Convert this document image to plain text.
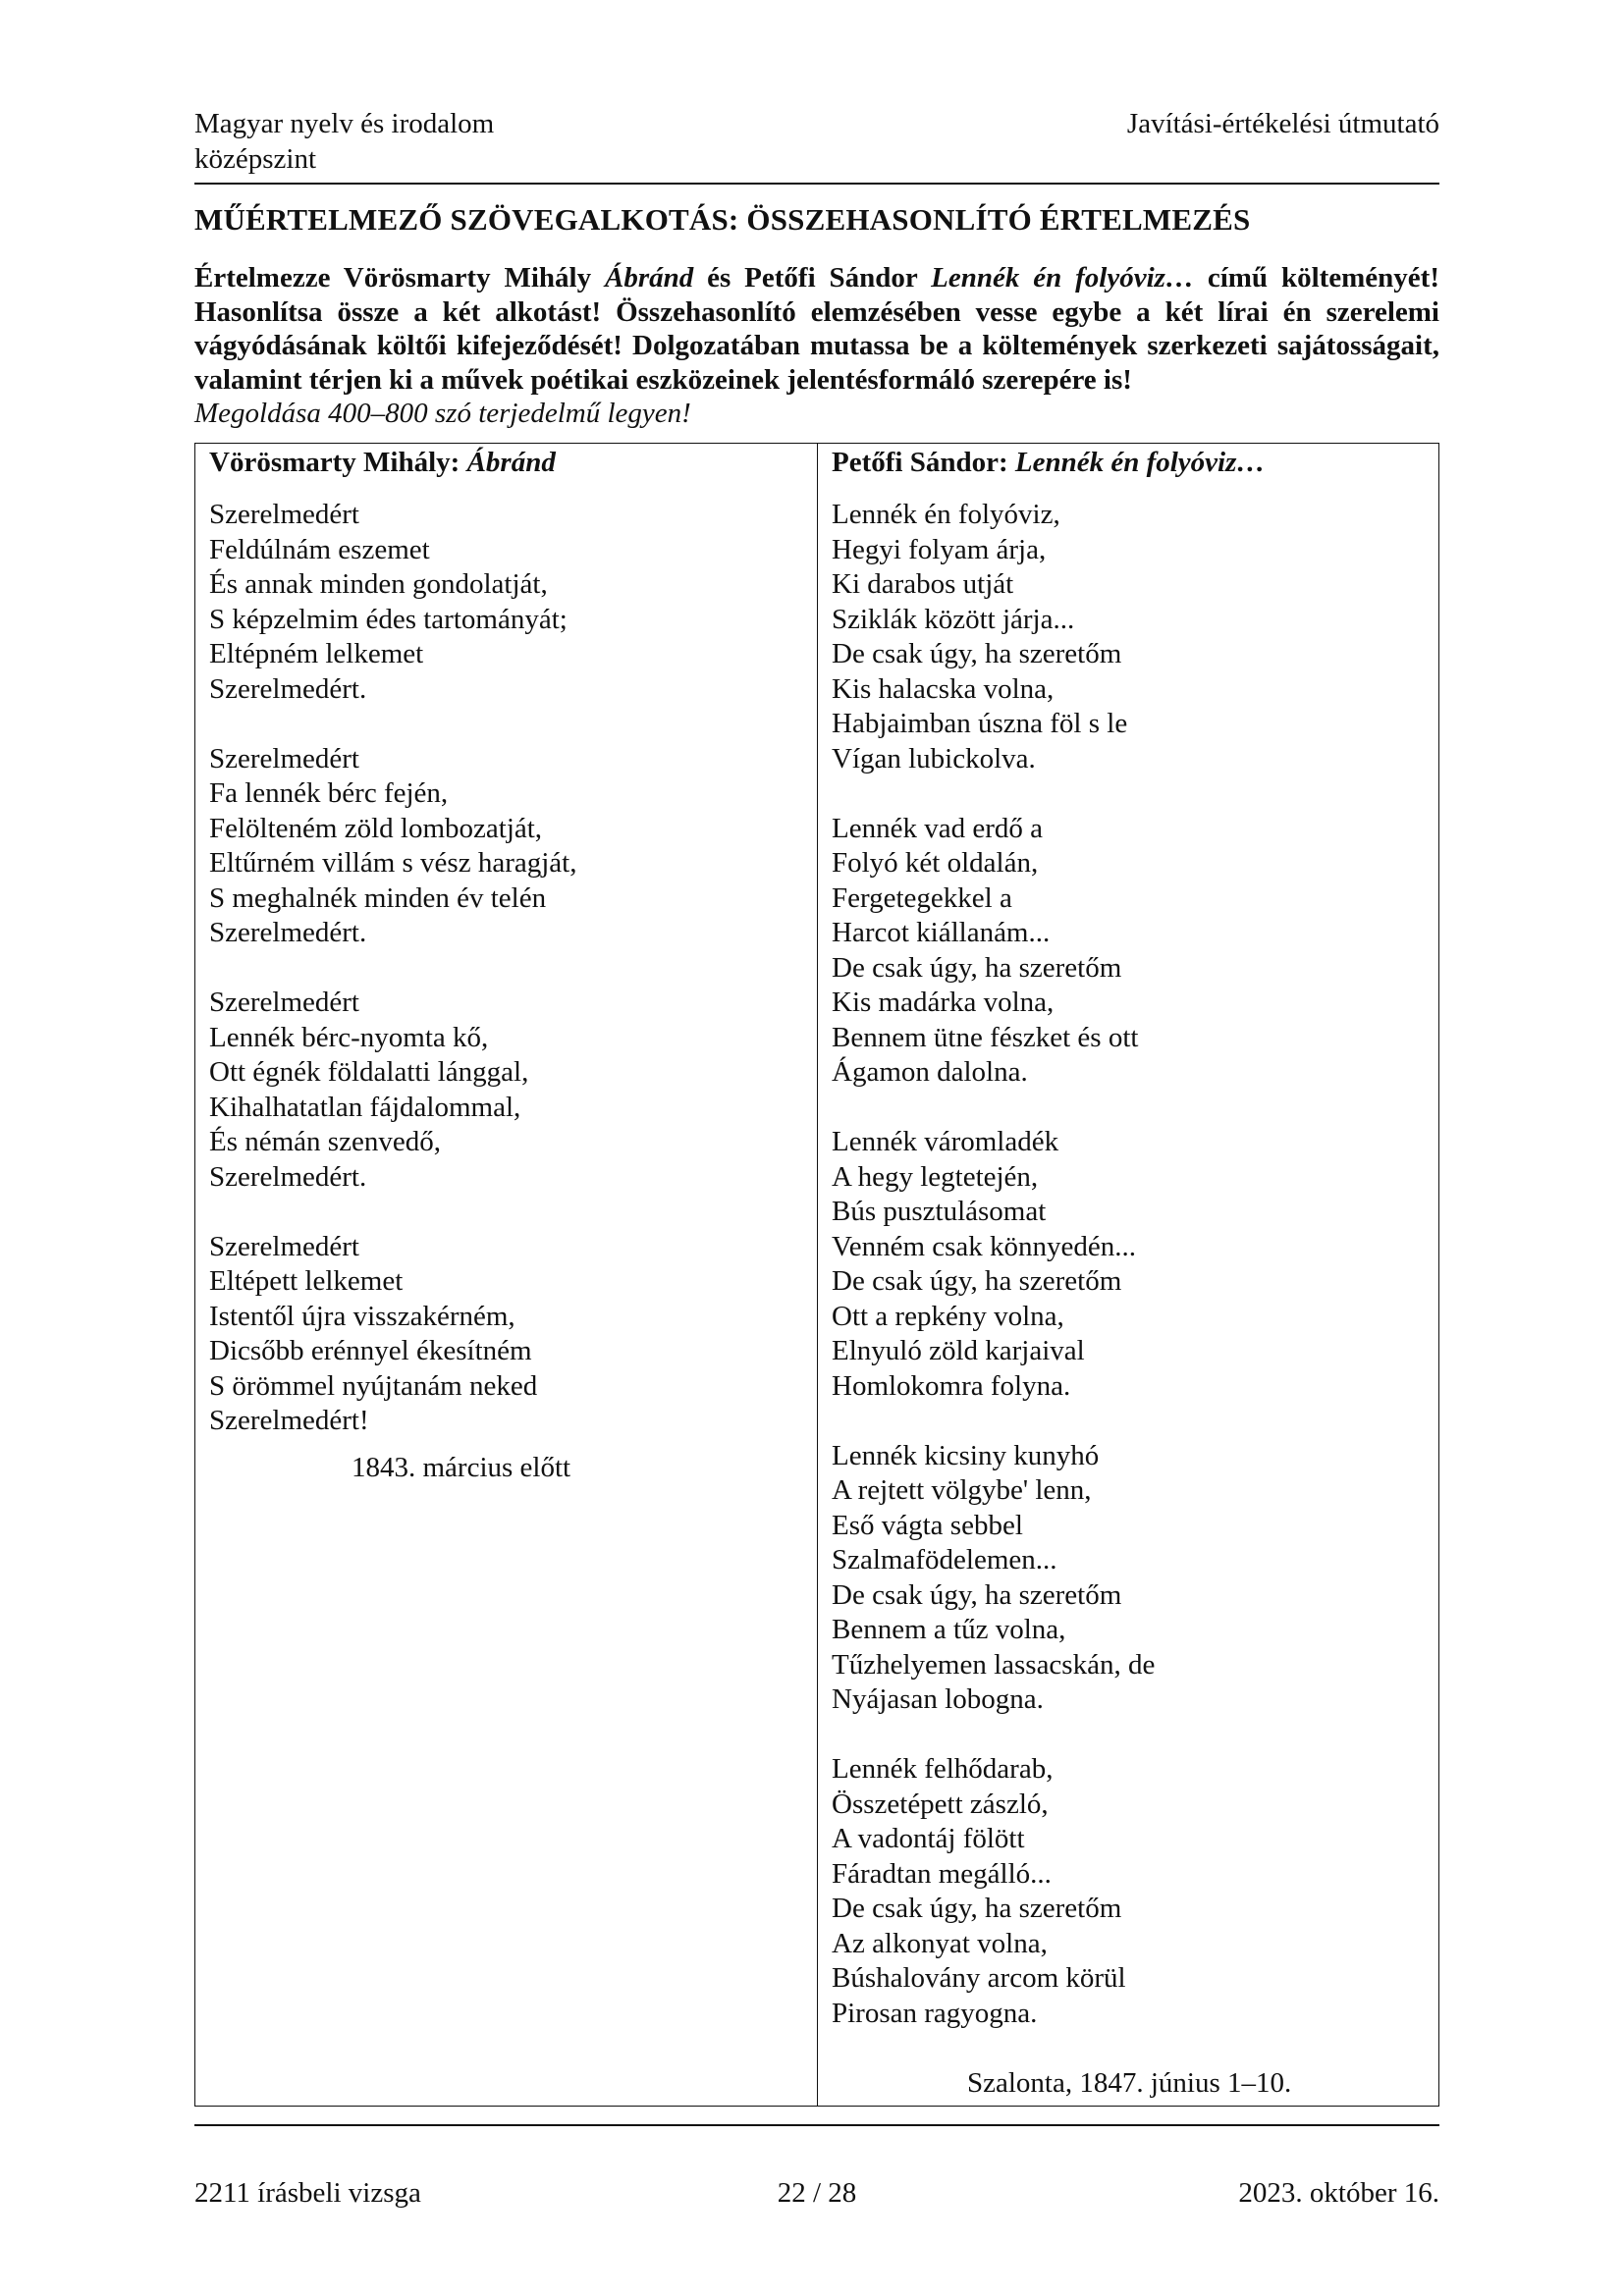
Magyar nyelv és irodalom
középszint
Javítási-értékelési útmutató
MŰÉRTELMEZŐ SZÖVEGALKOTÁS: ÖSSZEHASONLÍTÓ ÉRTELMEZÉS
Értelmezze Vörösmarty Mihály Ábránd és Petőfi Sándor Lennék én folyóviz… című költeményét! Hasonlítsa össze a két alkotást! Összehasonlító elemzésében vesse egybe a két lírai én szerelemi vágyódásának költői kifejeződését! Dolgozatában mutassa be a költemények szerkezeti sajátosságait, valamint térjen ki a művek poétikai eszközeinek jelentésformáló szerepére is!
Megoldása 400–800 szó terjedelmű legyen!
Vörösmarty Mihály: Ábránd
Szerelmedért
Feldúlnám eszemet
És annak minden gondolatját,
S képzelmim édes tartományát;
Eltépném lelkemet
Szerelmedért.
Szerelmedért
Fa lennék bérc fején,
Felölteném zöld lombozatját,
Eltűrném villám s vész haragját,
S meghalnék minden év telén
Szerelmedért.
Szerelmedért
Lennék bérc-nyomta kő,
Ott égnék földalatti lánggal,
Kihalhatatlan fájdalommal,
És némán szenvedő,
Szerelmedért.
Szerelmedért
Eltépett lelkemet
Istentől újra visszakérném,
Dicsőbb erénnyel ékesítném
S örömmel nyújtanám neked
Szerelmedért!
1843. március előtt

Petőfi Sándor: Lennék én folyóviz…
Lennék én folyóviz,
Hegyi folyam árja,
Ki darabos utját
Sziklák között járja...
De csak úgy, ha szeretőm
Kis halacska volna,
Habjaimban úszna föl s le
Vígan lubickolva.
Lennék vad erdő a
Folyó két oldalán,
Fergetegekkel a
Harcot kiállanám...
De csak úgy, ha szeretőm
Kis madárka volna,
Bennem ütne fészket és ott
Ágamon dalolna.
Lennék váromladék
A hegy legtetején,
Bús pusztulásomat
Venném csak könnyedén...
De csak úgy, ha szeretőm
Ott a repkény volna,
Elnyuló zöld karjaival
Homlokomra folyna.
Lennék kicsiny kunyhó
A rejtett völgybe' lenn,
Eső vágta sebbel
Szalmafödelemen...
De csak úgy, ha szeretőm
Bennem a tűz volna,
Tűzhelyemen lassacskán, de
Nyájasan lobogna.
Lennék felhődarab,
Összetépett zászló,
A vadontáj fölött
Fáradtan megálló...
De csak úgy, ha szeretőm
Az alkonyat volna,
Búshalovány arcom körül
Pirosan ragyogna.
Szalonta, 1847. június 1–10.
2211 írásbeli vizsga	22 / 28	2023. október 16.
